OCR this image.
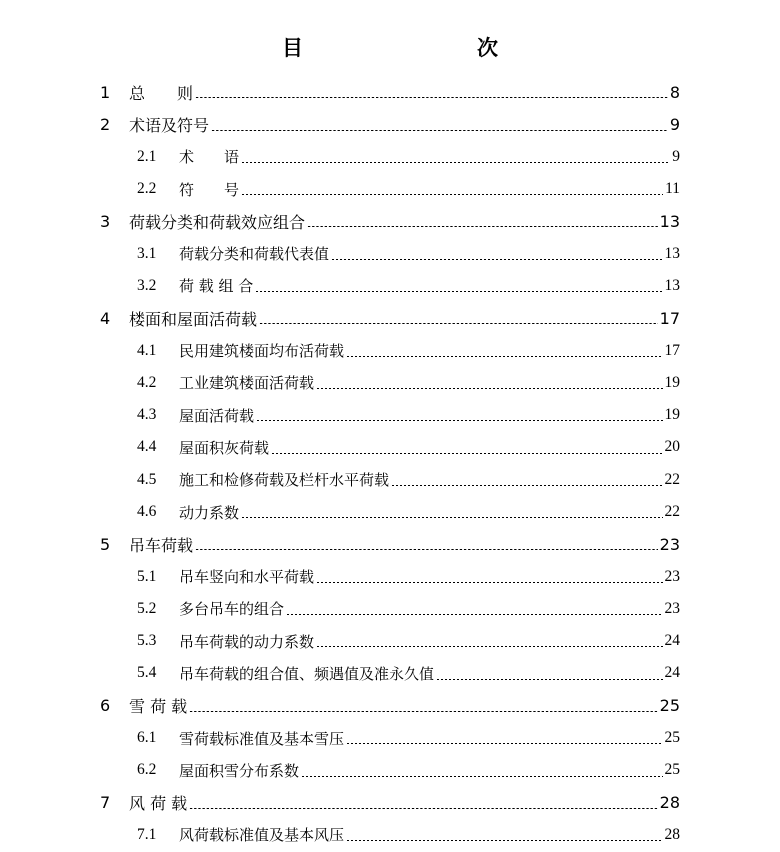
目　　次
1	总　　则	8
2	术语及符号	9
2.1	术　　语	9
2.2	符　　号	11
3	荷载分类和荷载效应组合	13
3.1	荷载分类和荷载代表值	13
3.2	荷 载 组 合	13
4	楼面和屋面活荷载	17
4.1	民用建筑楼面均布活荷载	17
4.2	工业建筑楼面活荷载	19
4.3	屋面活荷载	19
4.4	屋面积灰荷载	20
4.5	施工和检修荷载及栏杆水平荷载	22
4.6	动力系数	22
5	吊车荷载	23
5.1	吊车竖向和水平荷载	23
5.2	多台吊车的组合	23
5.3	吊车荷载的动力系数	24
5.4	吊车荷载的组合值、频遇值及准永久值	24
6	雪 荷 载	25
6.1	雪荷载标准值及基本雪压	25
6.2	屋面积雪分布系数	25
7	风 荷 载	28
7.1	风荷载标准值及基本风压	28
